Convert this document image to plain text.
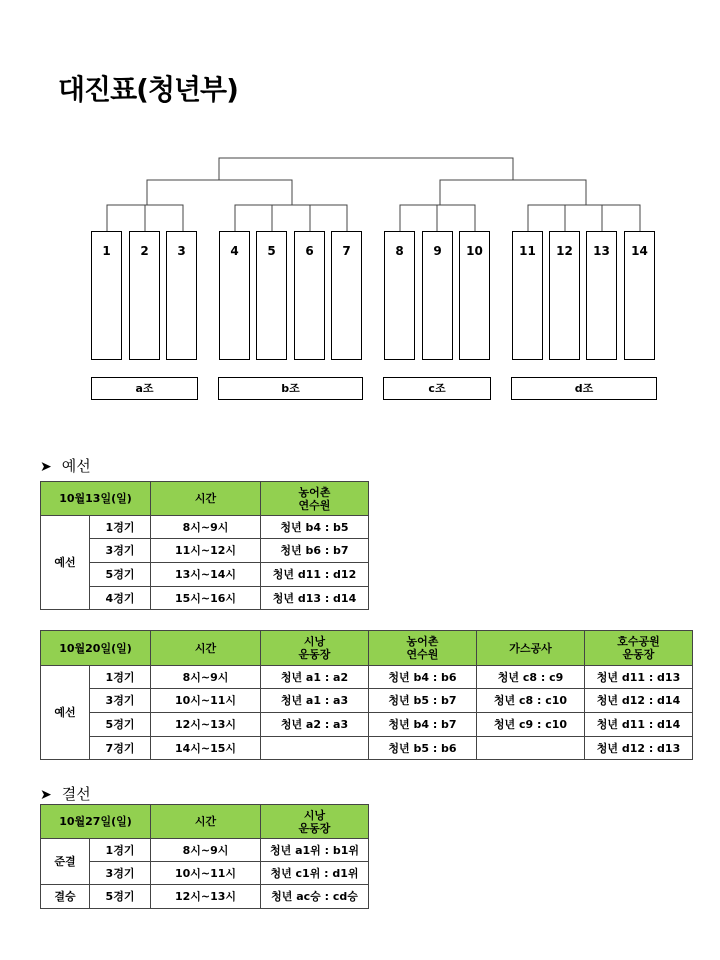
대진표(청년부)
1	2	3	4	5	6	7	8	9	10	11	12	13	14
a조	b조	c조	d조
➤ 예선
10월13일(일)		시간	농어촌
연수원
예선	1경기	8시~9시	청년 b4 : b5
	3경기	11시~12시	청년 b6 : b7
	5경기	13시~14시	청년 d11 : d12
	4경기	15시~16시	청년 d13 : d14
10월20일(일)		시간	시낭
운동장	농어촌
연수원	가스공사	호수공원
운동장
예선	1경기	8시~9시	청년 a1 : a2	청년 b4 : b6	청년 c8 : c9	청년 d11 : d13
	3경기	10시~11시	청년 a1 : a3	청년 b5 : b7	청년 c8 : c10	청년 d12 : d14
	5경기	12시~13시	청년 a2 : a3	청년 b4 : b7	청년 c9 : c10	청년 d11 : d14
	7경기	14시~15시		청년 b5 : b6		청년 d12 : d13
➤ 결선
10월27일(일)		시간	시낭
운동장
준결	1경기	8시~9시	청년 a1위 : b1위
	3경기	10시~11시	청년 c1위 : d1위
결승	5경기	12시~13시	청년 ac승 : cd승
